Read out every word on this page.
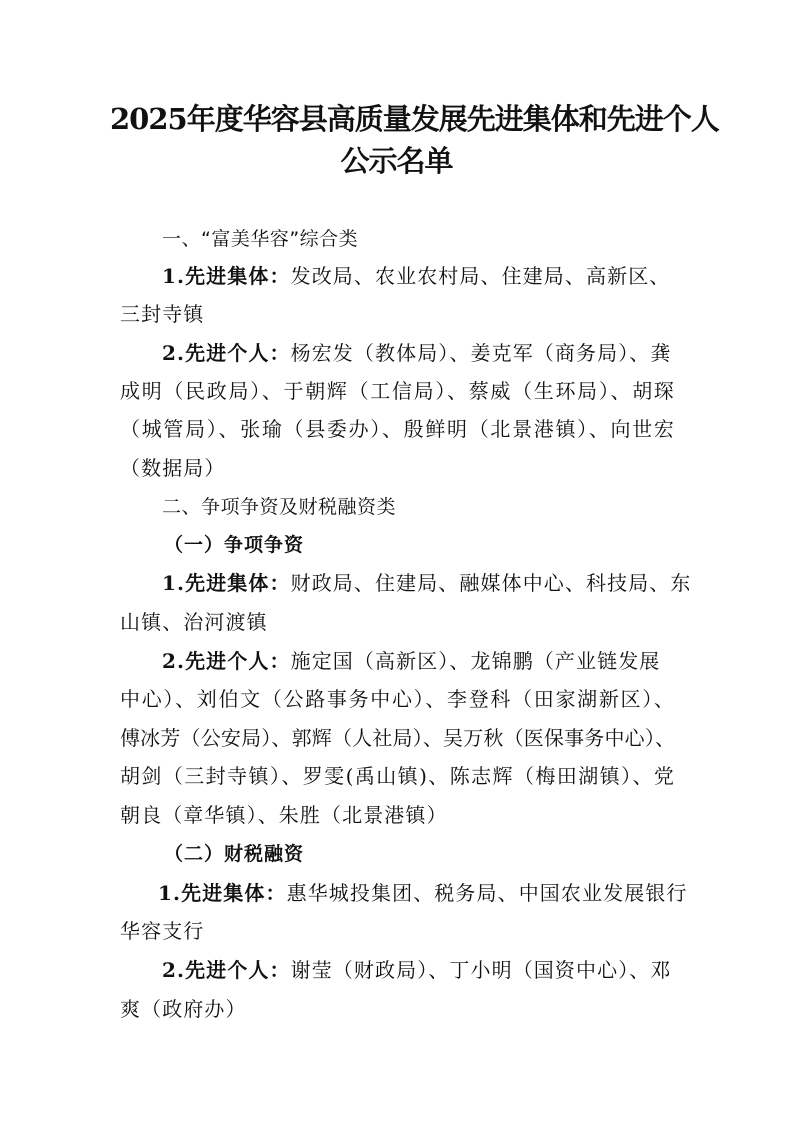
2025年度华容县高质量发展先进集体和先进个人
公示名单
一、“富美华容”综合类
1.先进集体：发改局、农业农村局、住建局、高新区、
三封寺镇
2.先进个人：杨宏发（教体局）、姜克军（商务局）、龚
成明（民政局）、于朝辉（工信局）、蔡威（生环局）、胡琛
（城管局）、张瑜（县委办）、殷鲜明（北景港镇）、向世宏
（数据局）
二、争项争资及财税融资类
（一）争项争资
1.先进集体：财政局、住建局、融媒体中心、科技局、东
山镇、治河渡镇
2.先进个人：施定国（高新区）、龙锦鹏（产业链发展
中心）、刘伯文（公路事务中心）、李登科（田家湖新区）、
傅冰芳（公安局）、郭辉（人社局）、吴万秋（医保事务中心）、
胡剑（三封寺镇）、罗雯(禹山镇)、陈志辉（梅田湖镇）、党
朝良（章华镇）、朱胜（北景港镇）
（二）财税融资
1.先进集体：惠华城投集团、税务局、中国农业发展银行
华容支行
2.先进个人：谢莹（财政局）、丁小明（国资中心）、邓
爽（政府办）
